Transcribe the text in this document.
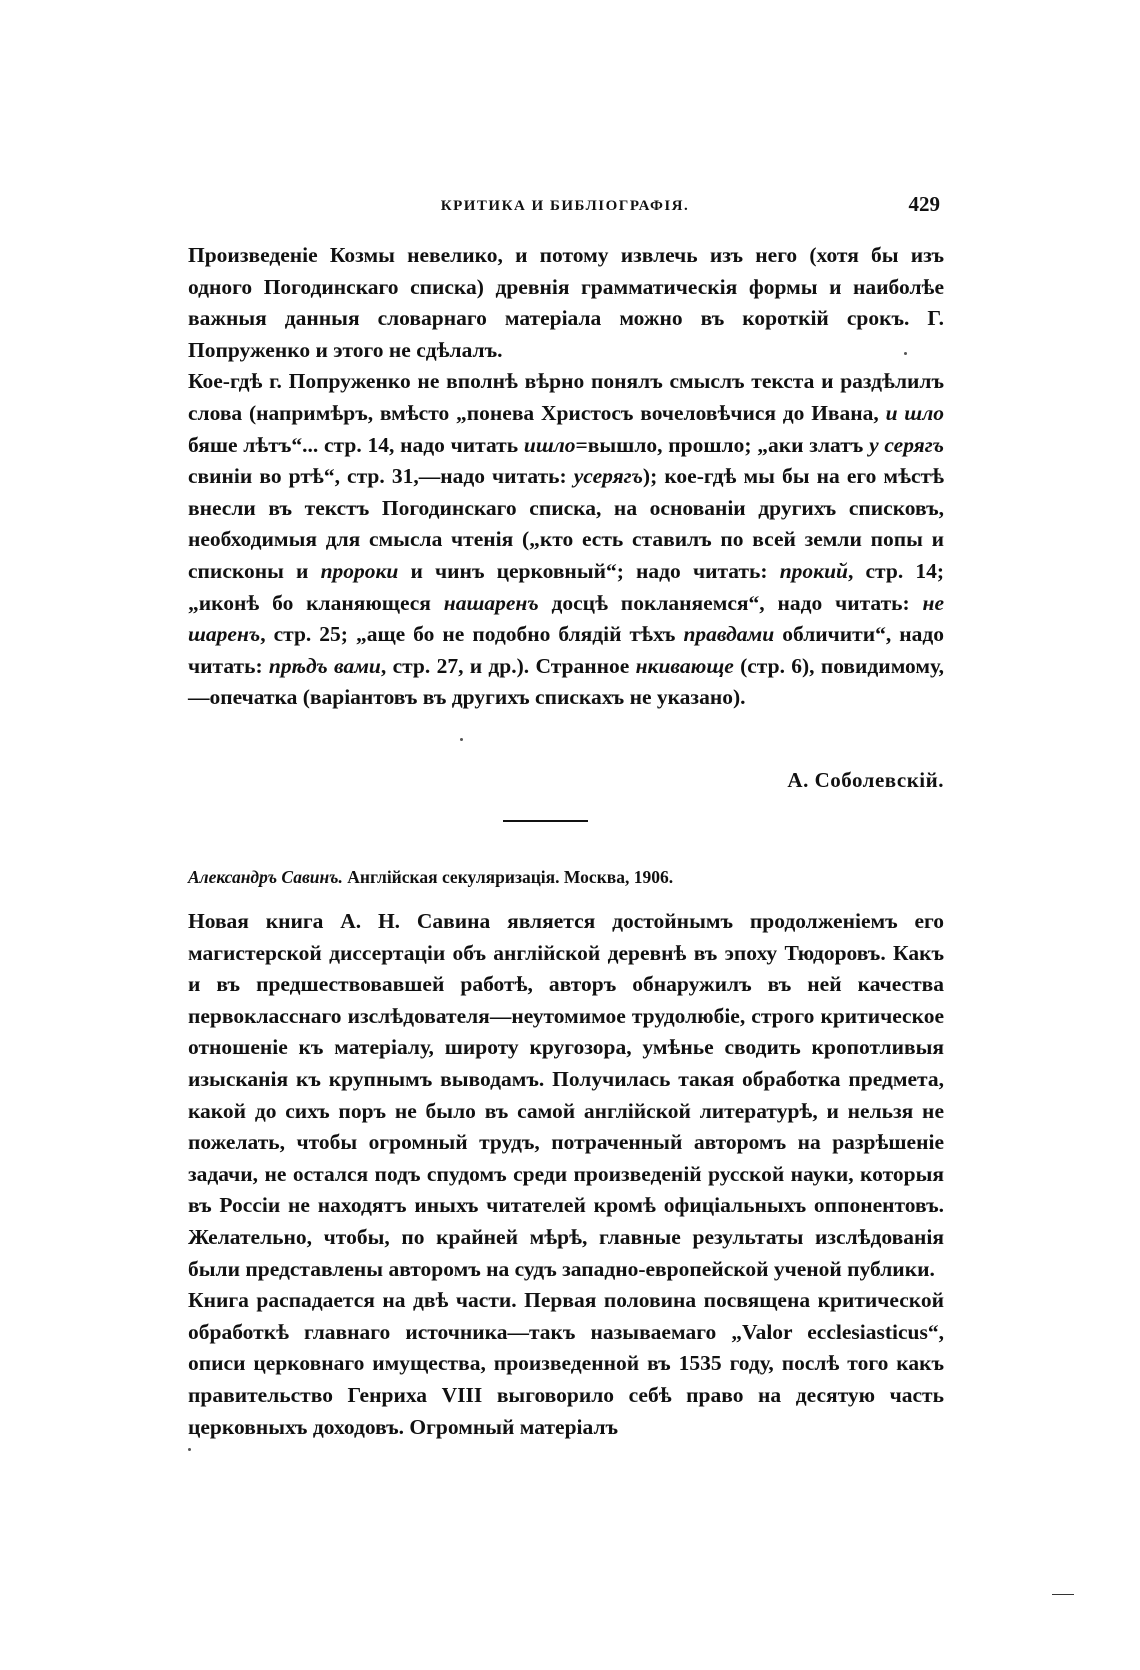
КРИТИКА И БИБЛІОГРАФІЯ.	429

Произведеніе Козмы невелико, и потому извлечь изъ него (хотя бы изъ одного Погодинскаго списка) древнія грамматическія формы и наиболѣе важныя данныя словарнаго матеріала можно въ короткій срокъ. Г. Попруженко и этого не сдѣлалъ.

Кое-гдѣ г. Попруженко не вполнѣ вѣрно понялъ смыслъ текста и раздѣлилъ слова (напримѣръ, вмѣсто „понева Христосъ вочеловѣчися до Ивана, и шло бяше лѣтъ“... стр. 14, надо читать ишло=вышло, прошло; „аки златъ у серягъ свиніи во ртѣ“, стр. 31,—надо читать: усерягъ); кое-гдѣ мы бы на его мѣстѣ внесли въ текстъ Погодинскаго списка, на основаніи другихъ списковъ, необходимыя для смысла чтенія („кто есть ставилъ по всей земли попы и списконы и пророки и чинъ церковный“; надо читать: прокий, стр. 14; „иконѣ бо кланяющеся нашаренъ досцѣ покланяемся“, надо читать: не шаренъ, стр. 25; „аще бо не подобно блядій тѣхъ правдами обличити“, надо читать: прѣдъ вами, стр. 27, и др.). Странное нкивающе (стр. 6), повидимому,—опечатка (варіантовъ въ другихъ спискахъ не указано).

А. Соболевскій.
Александръ Савинъ. Англійская секуляризація. Москва, 1906.

Новая книга А. Н. Савина является достойнымъ продолженіемъ его магистерской диссертаціи объ англійской деревнѣ въ эпоху Тюдоровъ. Какъ и въ предшествовавшей работѣ, авторъ обнаружилъ въ ней качества первокласснаго изслѣдователя—неутомимое трудолюбіе, строго критическое отношеніе къ матеріалу, широту кругозора, умѣнье сводить кропотливыя изысканія къ крупнымъ выводамъ. Получилась такая обработка предмета, какой до сихъ поръ не было въ самой англійской литературѣ, и нельзя не пожелать, чтобы огромный трудъ, потраченный авторомъ на разрѣшеніе задачи, не остался подъ спудомъ среди произведеній русской науки, которыя въ Россіи не находятъ иныхъ читателей кромѣ офиціальныхъ оппонентовъ. Желательно, чтобы, по крайней мѣрѣ, главные результаты изслѣдованія были представлены авторомъ на судъ западно-европейской ученой публики.

Книга распадается на двѣ части. Первая половина посвящена критической обработкѣ главнаго источника—такъ называемаго „Valor ecclesiasticus“, описи церковнаго имущества, произведенной въ 1535 году, послѣ того какъ правительство Генриха VIII выговорило себѣ право на десятую часть церковныхъ доходовъ. Огромный матеріалъ
